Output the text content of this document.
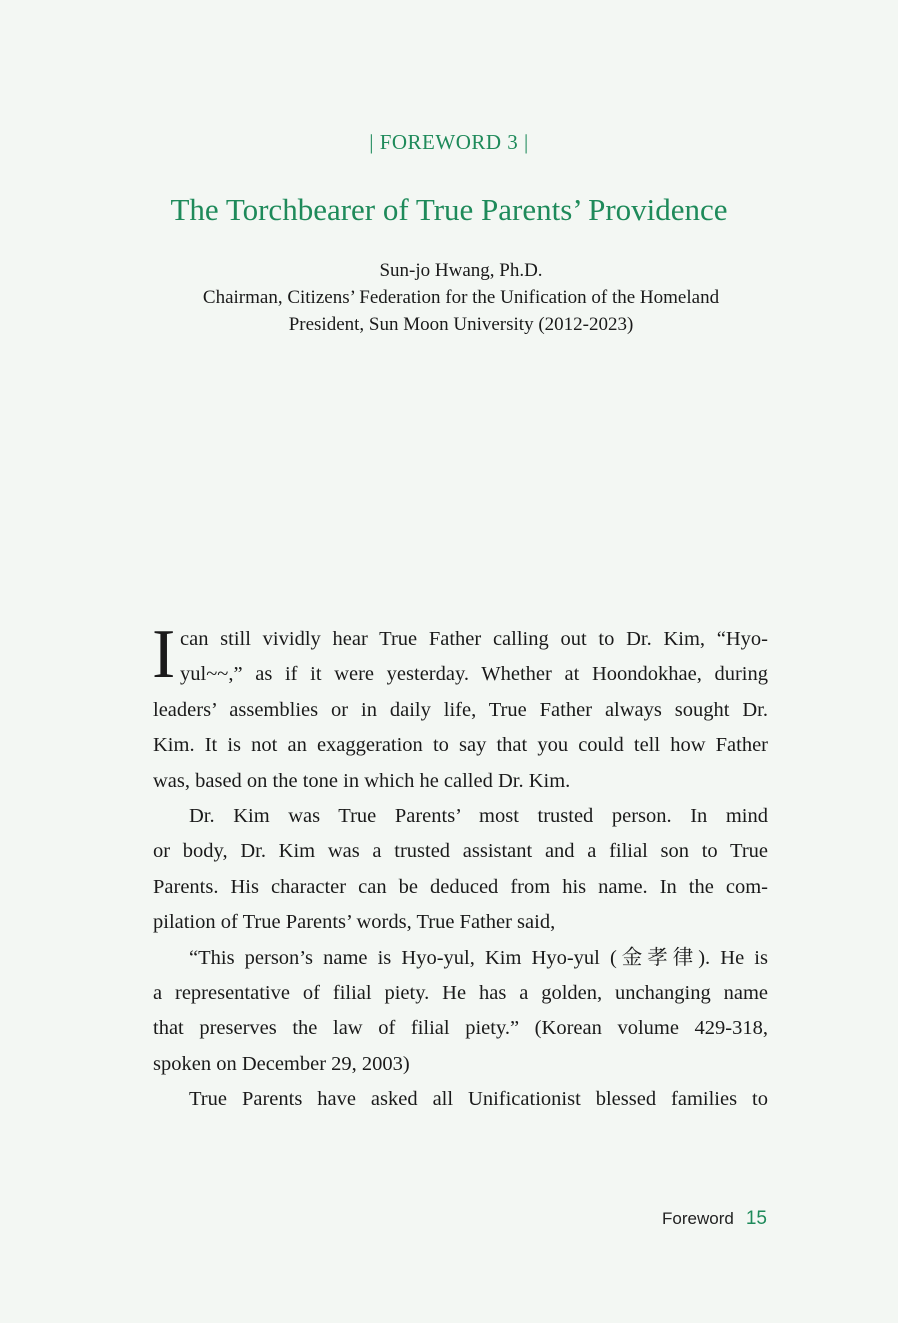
| FOREWORD 3 |
The Torchbearer of True Parents’ Providence
Sun-jo Hwang, Ph.D.
Chairman, Citizens’ Federation for the Unification of the Homeland
President, Sun Moon University (2012-2023)
I can still vividly hear True Father calling out to Dr. Kim, “Hyo-
yul~~,” as if it were yesterday. Whether at Hoondokhae, during
leaders’ assemblies or in daily life, True Father always sought Dr.
Kim. It is not an exaggeration to say that you could tell how Father
was, based on the tone in which he called Dr. Kim.
Dr. Kim was True Parents’ most trusted person. In mind
or body, Dr. Kim was a trusted assistant and a filial son to True
Parents. His character can be deduced from his name. In the com-
pilation of True Parents’ words, True Father said,
“This person’s name is Hyo-yul, Kim Hyo-yul (金孝律). He is
a representative of filial piety. He has a golden, unchanging name
that preserves the law of filial piety.” (Korean volume 429-318,
spoken on December 29, 2003)
True Parents have asked all Unificationist blessed families to
Foreword 15
